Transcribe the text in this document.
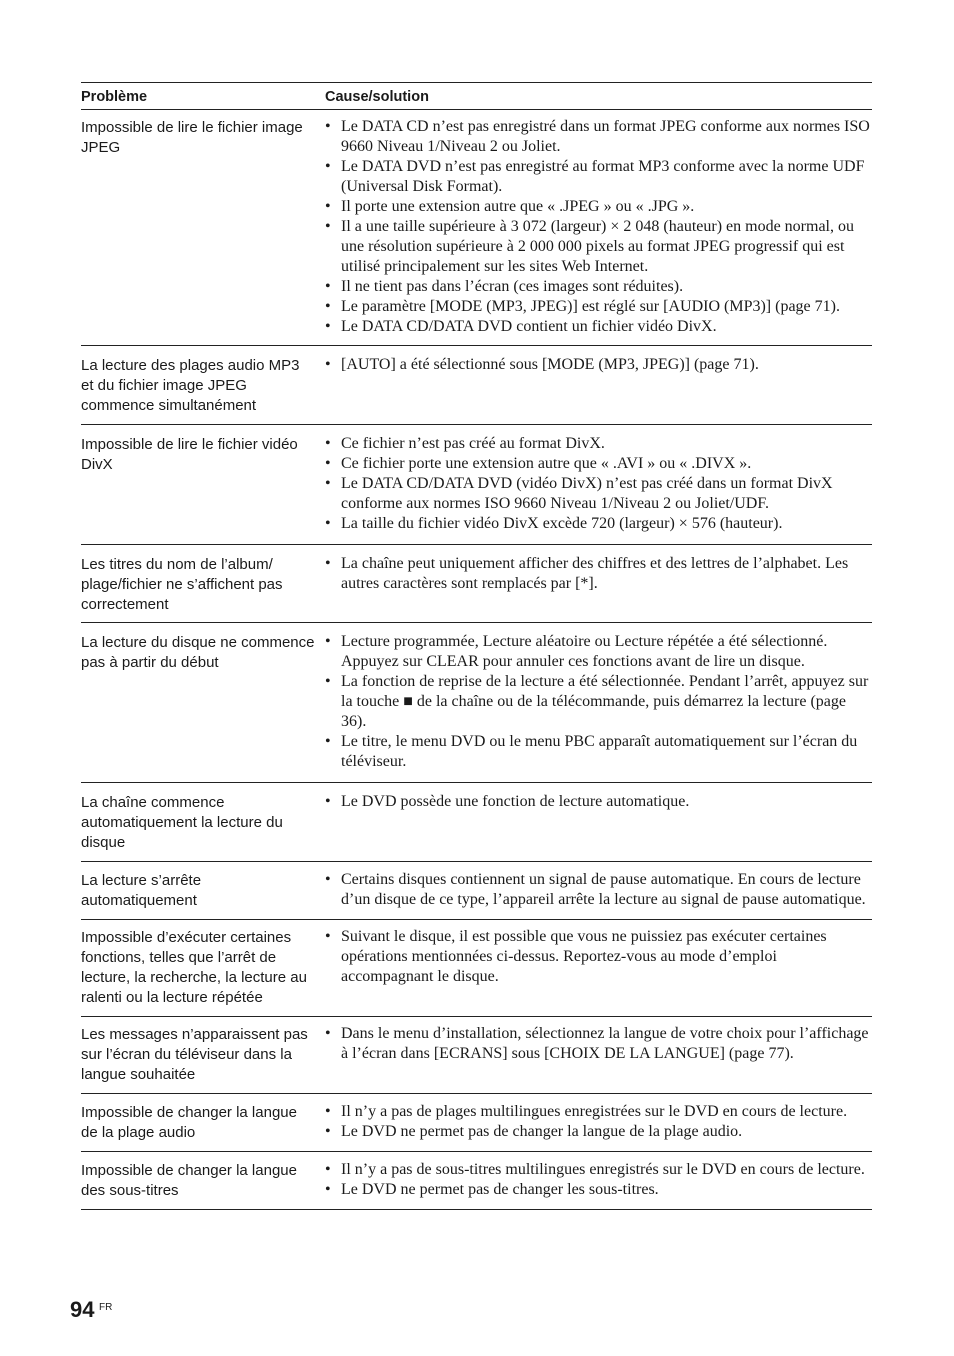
Problème	Cause/solution
Impossible de lire le fichier image JPEG
• Le DATA CD n’est pas enregistré dans un format JPEG conforme aux normes ISO 9660 Niveau 1/Niveau 2 ou Joliet.
• Le DATA DVD n’est pas enregistré au format MP3 conforme avec la norme UDF (Universal Disk Format).
• Il porte une extension autre que « .JPEG » ou « .JPG ».
• Il a une taille supérieure à 3 072 (largeur) × 2 048 (hauteur) en mode normal, ou une résolution supérieure à 2 000 000 pixels au format JPEG progressif qui est utilisé principalement sur les sites Web Internet.
• Il ne tient pas dans l’écran (ces images sont réduites).
• Le paramètre [MODE (MP3, JPEG)] est réglé sur [AUDIO (MP3)] (page 71).
• Le DATA CD/DATA DVD contient un fichier vidéo DivX.
La lecture des plages audio MP3 et du fichier image JPEG commence simultanément
• [AUTO] a été sélectionné sous [MODE (MP3, JPEG)] (page 71).
Impossible de lire le fichier vidéo DivX
• Ce fichier n’est pas créé au format DivX.
• Ce fichier porte une extension autre que « .AVI » ou « .DIVX ».
• Le DATA CD/DATA DVD (vidéo DivX) n’est pas créé dans un format DivX conforme aux normes ISO 9660 Niveau 1/Niveau 2 ou Joliet/UDF.
• La taille du fichier vidéo DivX excède 720 (largeur) × 576 (hauteur).
Les titres du nom de l’album/ plage/fichier ne s’affichent pas correctement
• La chaîne peut uniquement afficher des chiffres et des lettres de l’alphabet. Les autres caractères sont remplacés par [*].
La lecture du disque ne commence pas à partir du début
• Lecture programmée, Lecture aléatoire ou Lecture répétée a été sélectionné. Appuyez sur CLEAR pour annuler ces fonctions avant de lire un disque.
• La fonction de reprise de la lecture a été sélectionnée. Pendant l’arrêt, appuyez sur la touche ■ de la chaîne ou de la télécommande, puis démarrez la lecture (page 36).
• Le titre, le menu DVD ou le menu PBC apparaît automatiquement sur l’écran du téléviseur.
La chaîne commence automatiquement la lecture du disque
• Le DVD possède une fonction de lecture automatique.
La lecture s’arrête automatiquement
• Certains disques contiennent un signal de pause automatique. En cours de lecture d’un disque de ce type, l’appareil arrête la lecture au signal de pause automatique.
Impossible d’exécuter certaines fonctions, telles que l’arrêt de lecture, la recherche, la lecture au ralenti ou la lecture répétée
• Suivant le disque, il est possible que vous ne puissiez pas exécuter certaines opérations mentionnées ci-dessus. Reportez-vous au mode d’emploi accompagnant le disque.
Les messages n’apparaissent pas sur l’écran du téléviseur dans la langue souhaitée
• Dans le menu d’installation, sélectionnez la langue de votre choix pour l’affichage à l’écran dans [ECRANS] sous [CHOIX DE LA LANGUE] (page 77).
Impossible de changer la langue de la plage audio
• Il n’y a pas de plages multilingues enregistrées sur le DVD en cours de lecture.
• Le DVD ne permet pas de changer la langue de la plage audio.
Impossible de changer la langue des sous-titres
• Il n’y a pas de sous-titres multilingues enregistrés sur le DVD en cours de lecture.
• Le DVD ne permet pas de changer les sous-titres.
94 FR
